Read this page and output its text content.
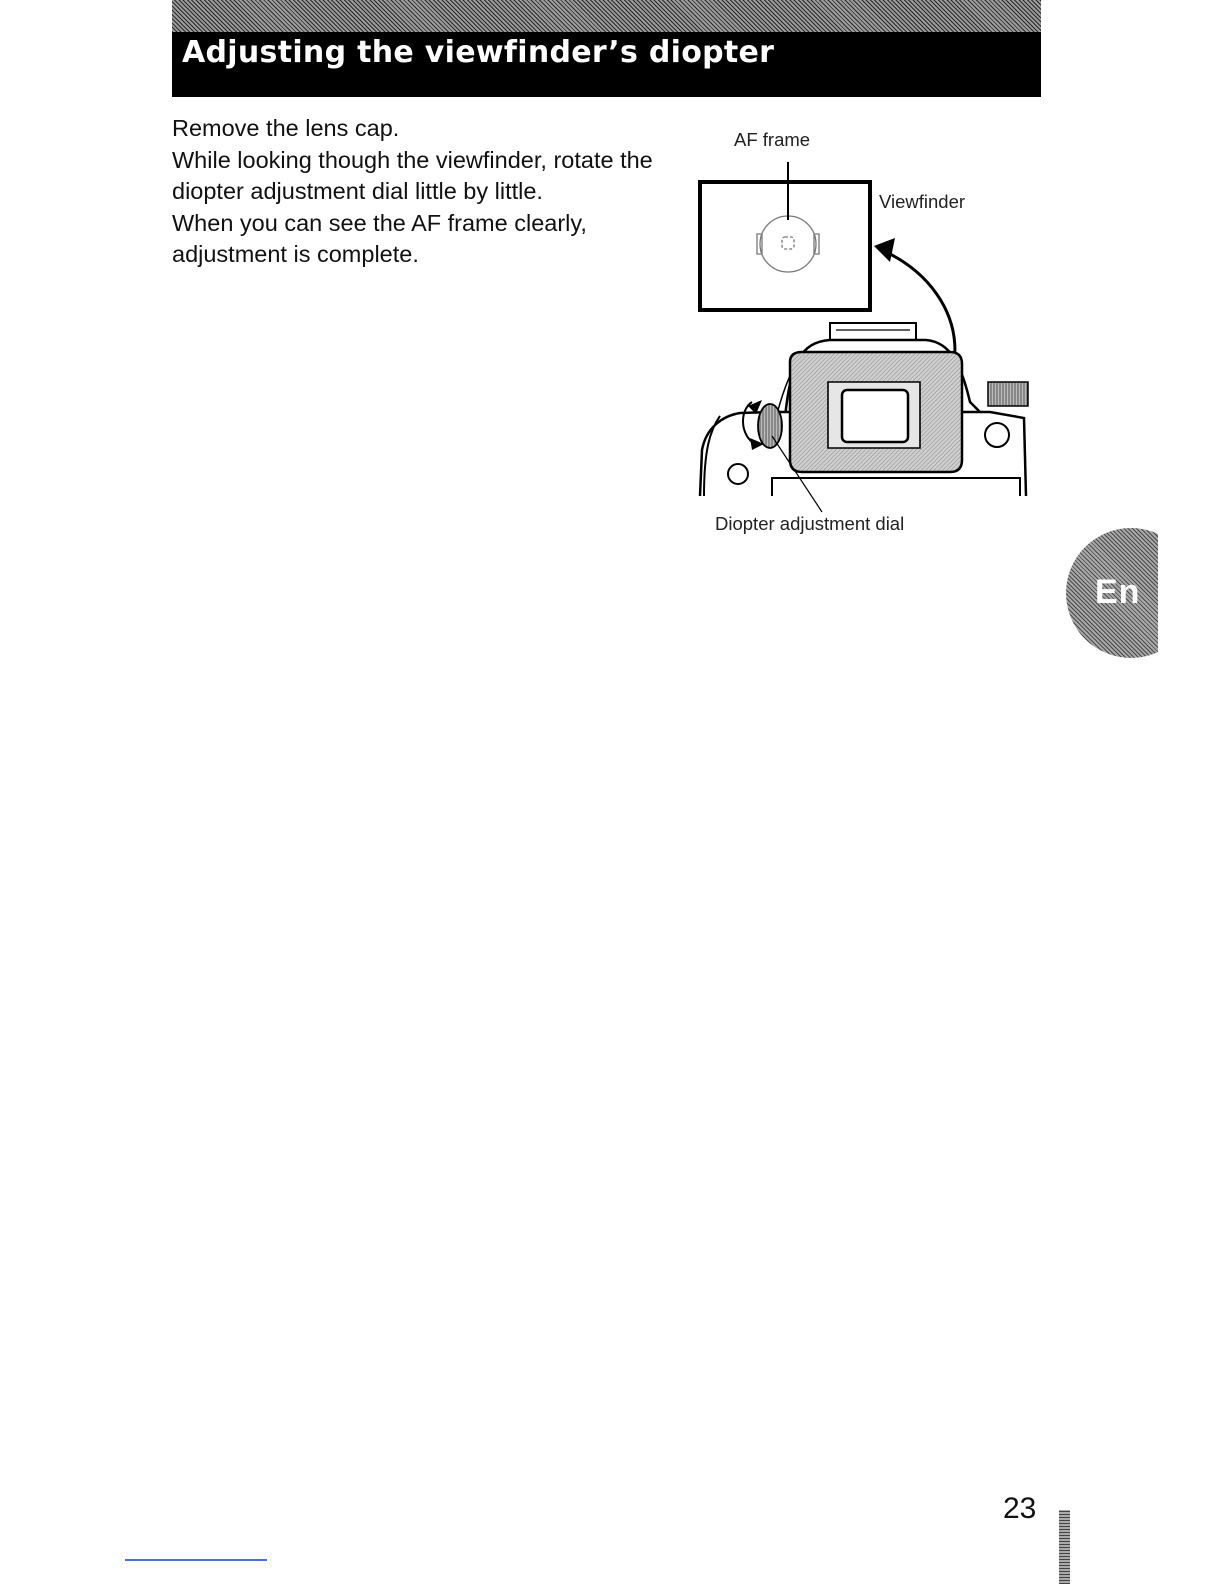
Adjusting the viewfinder’s diopter

Remove the lens cap.

While looking though the viewfinder, rotate the diopter adjustment dial little by little.

When you can see the AF frame clearly, adjustment is complete.

AF frame
Viewfinder
Diopter adjustment dial
En
23
